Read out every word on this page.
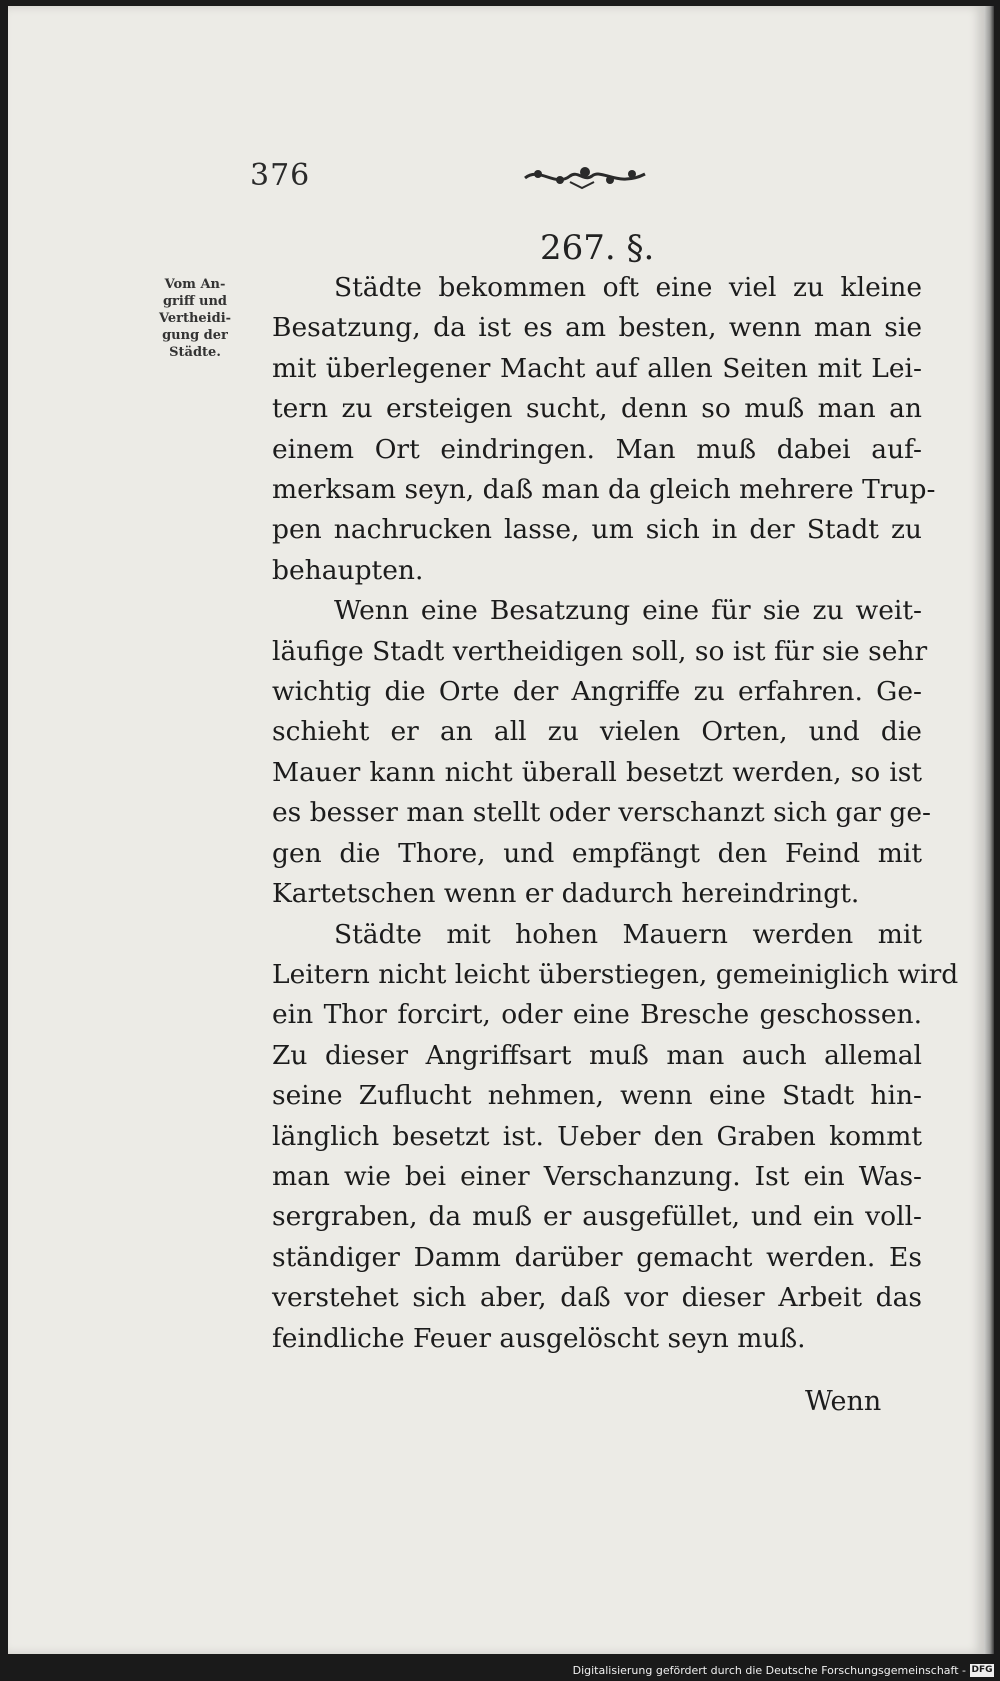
376
267. §.
Vom An-
griff und
Vertheidi-
gung der
Städte.
Städte bekommen oft eine viel zu kleine
Besatzung, da ist es am besten, wenn man sie
mit überlegener Macht auf allen Seiten mit Lei-
tern zu ersteigen sucht, denn so muß man an
einem Ort eindringen. Man muß dabei auf-
merksam seyn, daß man da gleich mehrere Trup-
pen nachrucken lasse, um sich in der Stadt zu
behaupten.
Wenn eine Besatzung eine für sie zu weit-
läufige Stadt vertheidigen soll, so ist für sie sehr
wichtig die Orte der Angriffe zu erfahren. Ge-
schieht er an all zu vielen Orten, und die
Mauer kann nicht überall besetzt werden, so ist
es besser man stellt oder verschanzt sich gar ge-
gen die Thore, und empfängt den Feind mit
Kartetschen wenn er dadurch hereindringt.
Städte mit hohen Mauern werden mit
Leitern nicht leicht überstiegen, gemeiniglich wird
ein Thor forcirt, oder eine Bresche geschossen.
Zu dieser Angriffsart muß man auch allemal
seine Zuflucht nehmen, wenn eine Stadt hin-
länglich besetzt ist. Ueber den Graben kommt
man wie bei einer Verschanzung. Ist ein Was-
sergraben, da muß er ausgefüllet, und ein voll-
ständiger Damm darüber gemacht werden. Es
verstehet sich aber, daß vor dieser Arbeit das
feindliche Feuer ausgelöscht seyn muß.
Wenn
Digitalisierung gefördert durch die Deutsche Forschungsgemeinschaft - DFG
